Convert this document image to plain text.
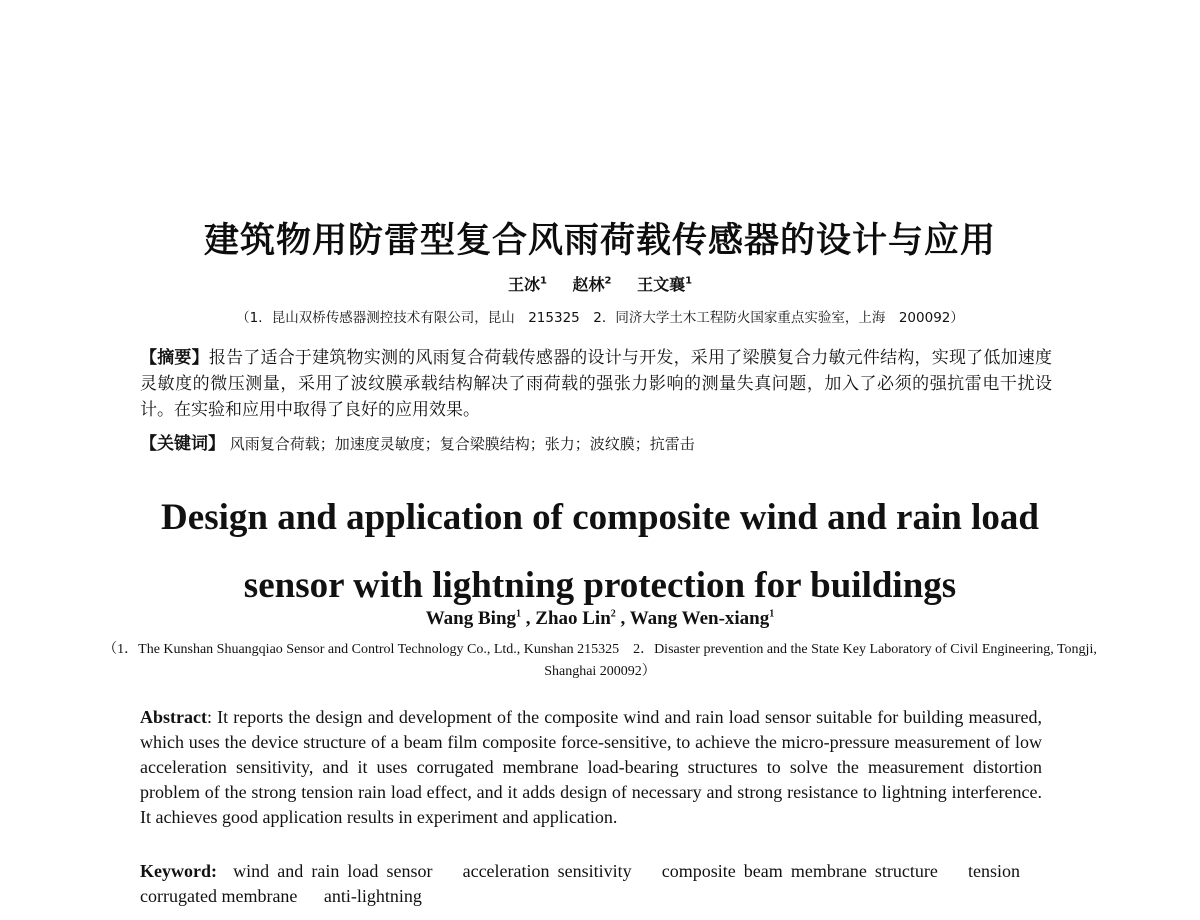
建筑物用防雷型复合风雨荷载传感器的设计与应用
王冰$^1$ 赵林$^2$ 王文襄$^1$
（1．昆山双桥传感器测控技术有限公司，昆山　215325　2．同济大学土木工程防火国家重点实验室，上海　200092）
【摘要】报告了适合于建筑物实测的风雨复合荷载传感器的设计与开发，采用了梁膜复合力敏元件结构，实现了低加速度灵敏度的微压测量，采用了波纹膜承载结构解决了雨荷载的强张力影响的测量失真问题，加入了必须的强抗雷电干扰设计。在实验和应用中取得了良好的应用效果。
【关键词】 风雨复合荷载；加速度灵敏度；复合梁膜结构；张力；波纹膜；抗雷击
Design and application of composite wind and rain load
sensor with lightning protection for buildings
Wang Bing$^1$ , Zhao Lin$^2$ , Wang Wen-xiang$^1$
（1．The Kunshan Shuangqiao Sensor and Control Technology Co., Ltd., Kunshan 215325　2．Disaster prevention and the State Key Laboratory of Civil Engineering, Tongji, Shanghai 200092）
Abstract: It reports the design and development of the composite wind and rain load sensor suitable for building measured, which uses the device structure of a beam film composite force-sensitive, to achieve the micro-pressure measurement of low acceleration sensitivity, and it uses corrugated membrane load-bearing structures to solve the measurement distortion problem of the strong tension rain load effect, and it adds design of necessary and strong resistance to lightning interference. It achieves good application results in experiment and application.
Keyword: wind and rain load sensor acceleration sensitivity composite beam membrane structure tension corrugated membrane anti-lightning
